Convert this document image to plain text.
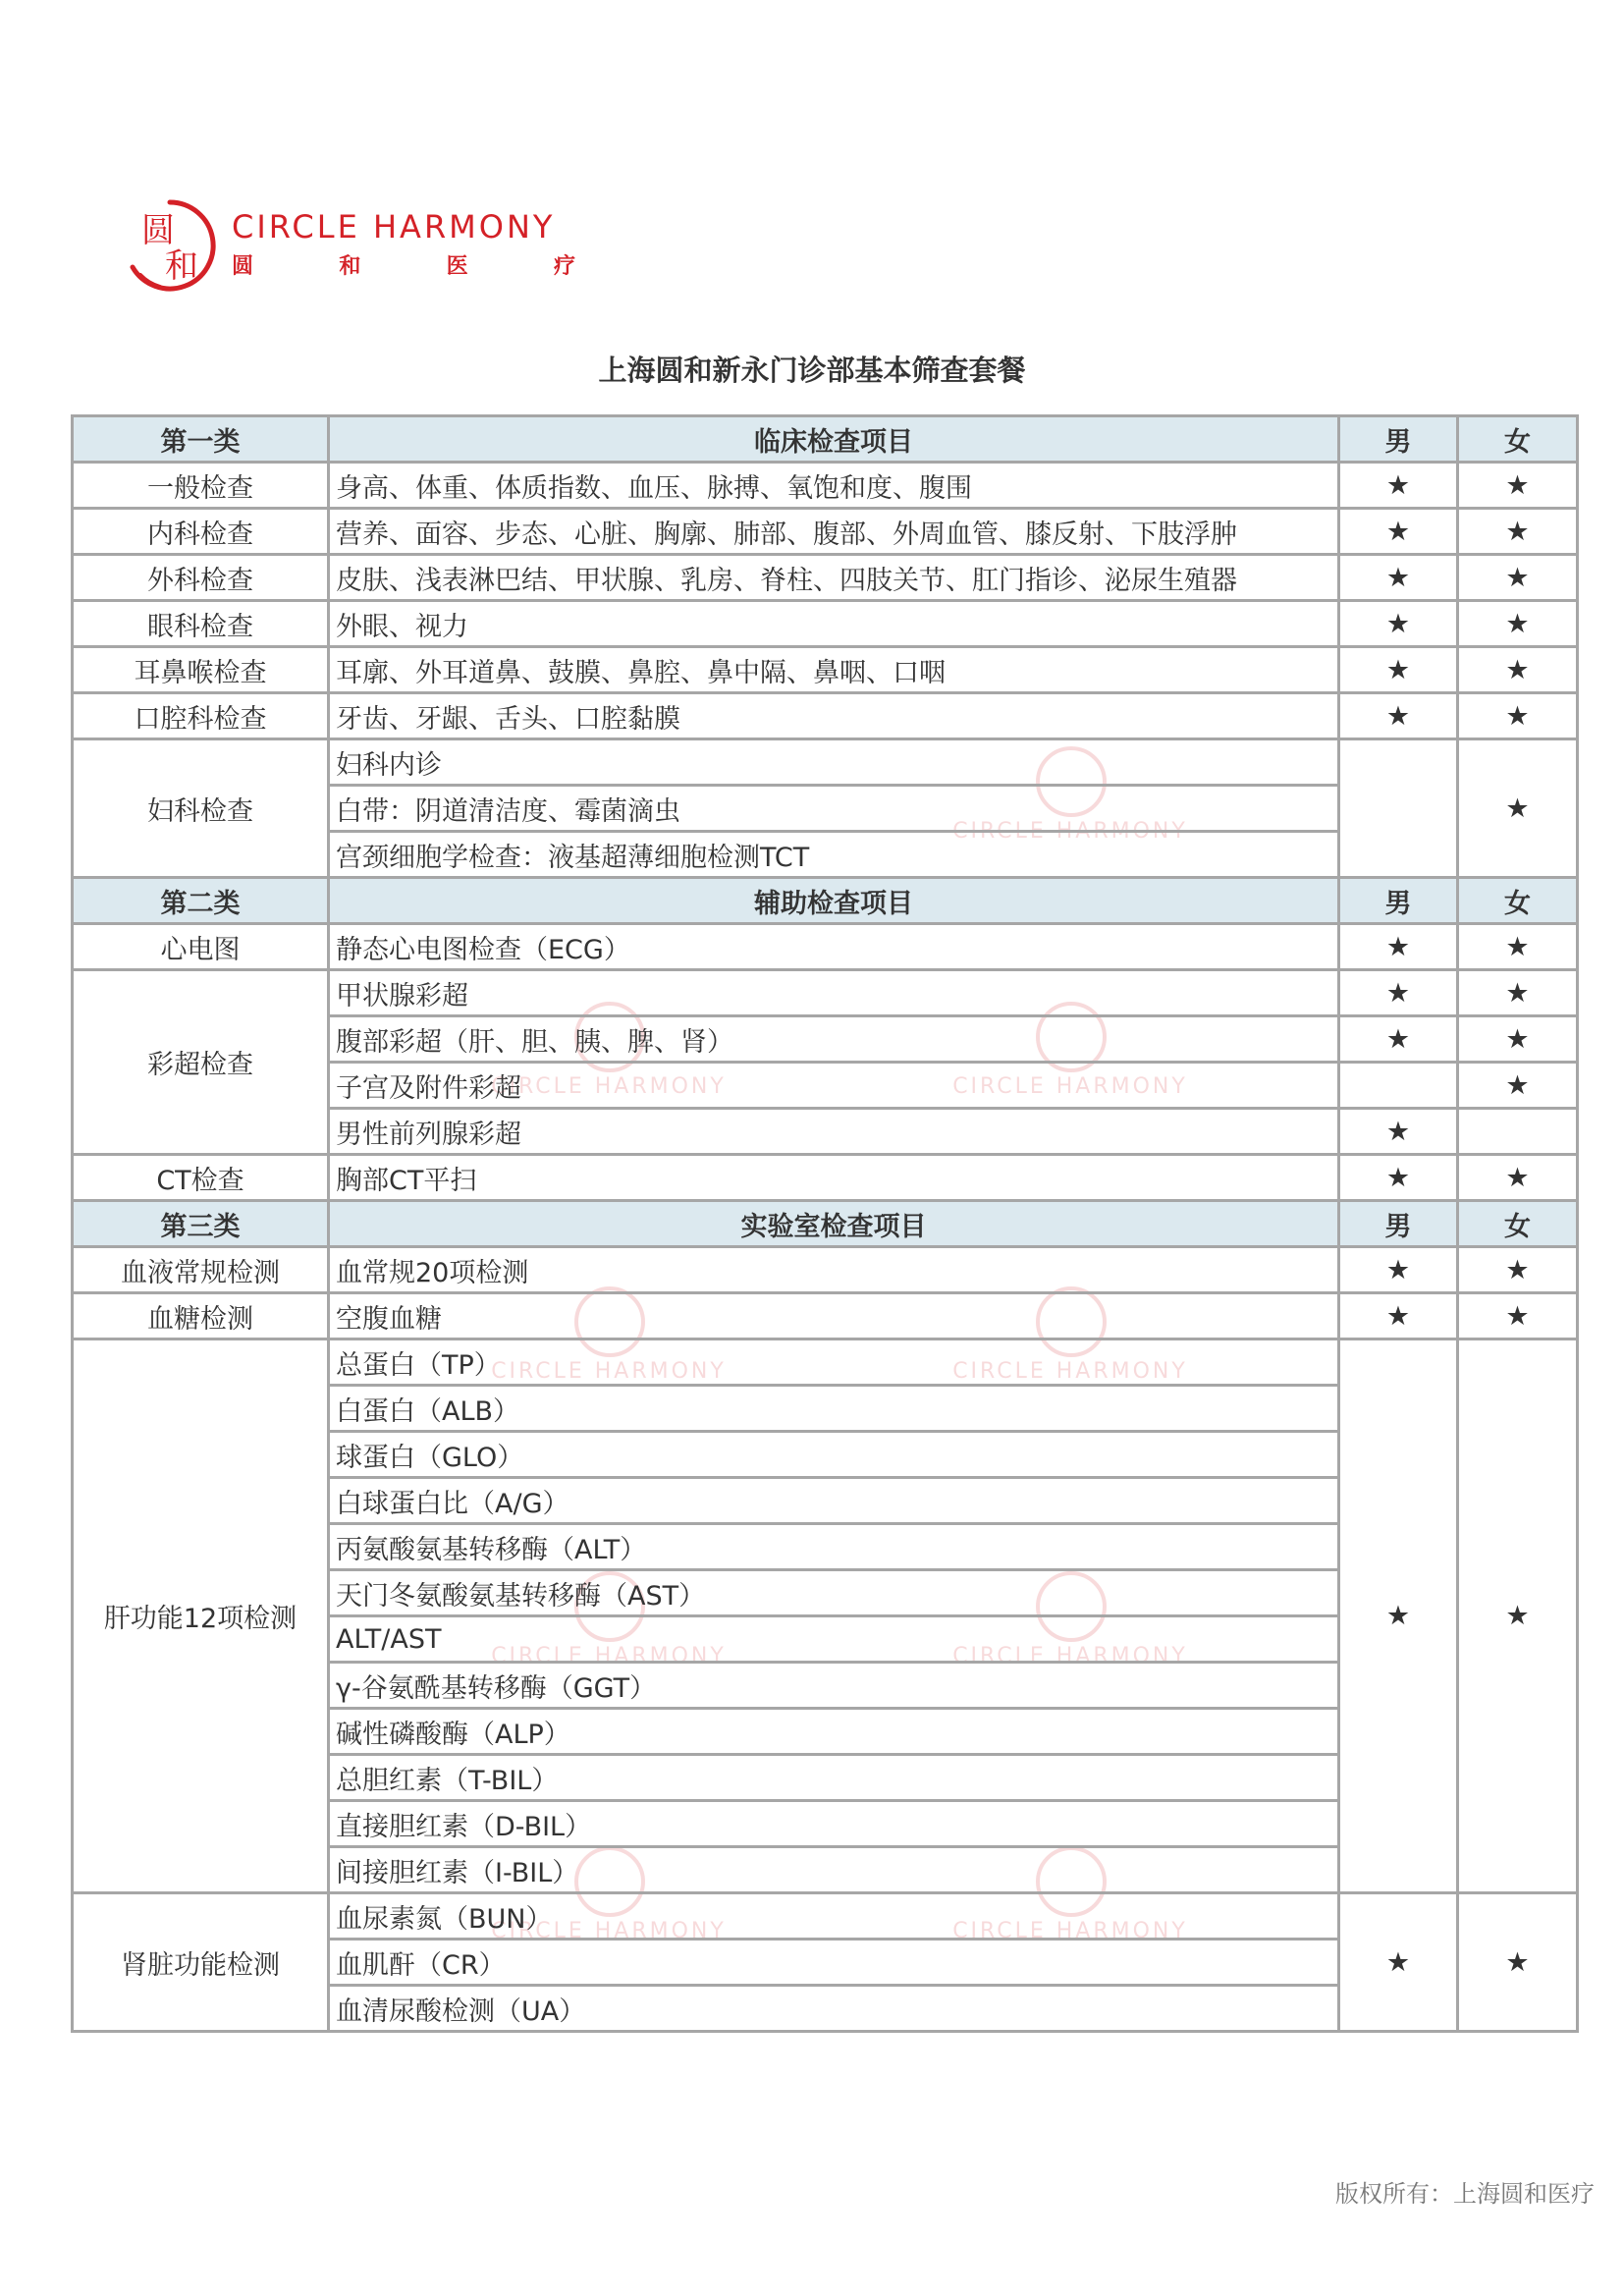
圆
和
CIRCLE HARMONY
圆	和	医	疗
上海圆和新永门诊部基本筛查套餐
CIRCLE HARMONY	CIRCLE HARMONY
CIRCLE HARMONY
CIRCLE HARMONY	CIRCLE HARMONY
CIRCLE HARMONY	CIRCLE HARMONY
CIRCLE HARMONY	CIRCLE HARMONY
第一类	临床检查项目	男	女
一般检查	身高、体重、体质指数、血压、脉搏、氧饱和度、腹围	★	★
内科检查	营养、面容、步态、心脏、胸廓、肺部、腹部、外周血管、膝反射、下肢浮肿	★	★
外科检查	皮肤、浅表淋巴结、甲状腺、乳房、脊柱、四肢关节、肛门指诊、泌尿生殖器	★	★
眼科检查	外眼、视力	★	★
耳鼻喉检查	耳廓、外耳道鼻、鼓膜、鼻腔、鼻中隔、鼻咽、口咽	★	★
口腔科检查	牙齿、牙龈、舌头、口腔黏膜	★	★
妇科检查	妇科内诊		★
	白带：阴道清洁度、霉菌滴虫		
	宫颈细胞学检查：液基超薄细胞检测TCT		
第二类	辅助检查项目	男	女
心电图	静态心电图检查（ECG）	★	★
彩超检查	甲状腺彩超	★	★
	腹部彩超（肝、胆、胰、脾、肾）	★	★
	子宫及附件彩超		★
	男性前列腺彩超	★	
CT检查	胸部CT平扫	★	★
第三类	实验室检查项目	男	女
血液常规检测	血常规20项检测	★	★
血糖检测	空腹血糖	★	★
肝功能12项检测	总蛋白（TP）	★	★
	白蛋白（ALB）		
	球蛋白（GLO）		
	白球蛋白比（A/G）		
	丙氨酸氨基转移酶（ALT）		
	天门冬氨酸氨基转移酶（AST）		
	ALT/AST		
	γ-谷氨酰基转移酶（GGT）		
	碱性磷酸酶（ALP）		
	总胆红素（T-BIL）		
	直接胆红素（D-BIL）		
	间接胆红素（I-BIL）		
肾脏功能检测	血尿素氮（BUN）	★	★
	血肌酐（CR）		
	血清尿酸检测（UA）		
版权所有：上海圆和医疗
